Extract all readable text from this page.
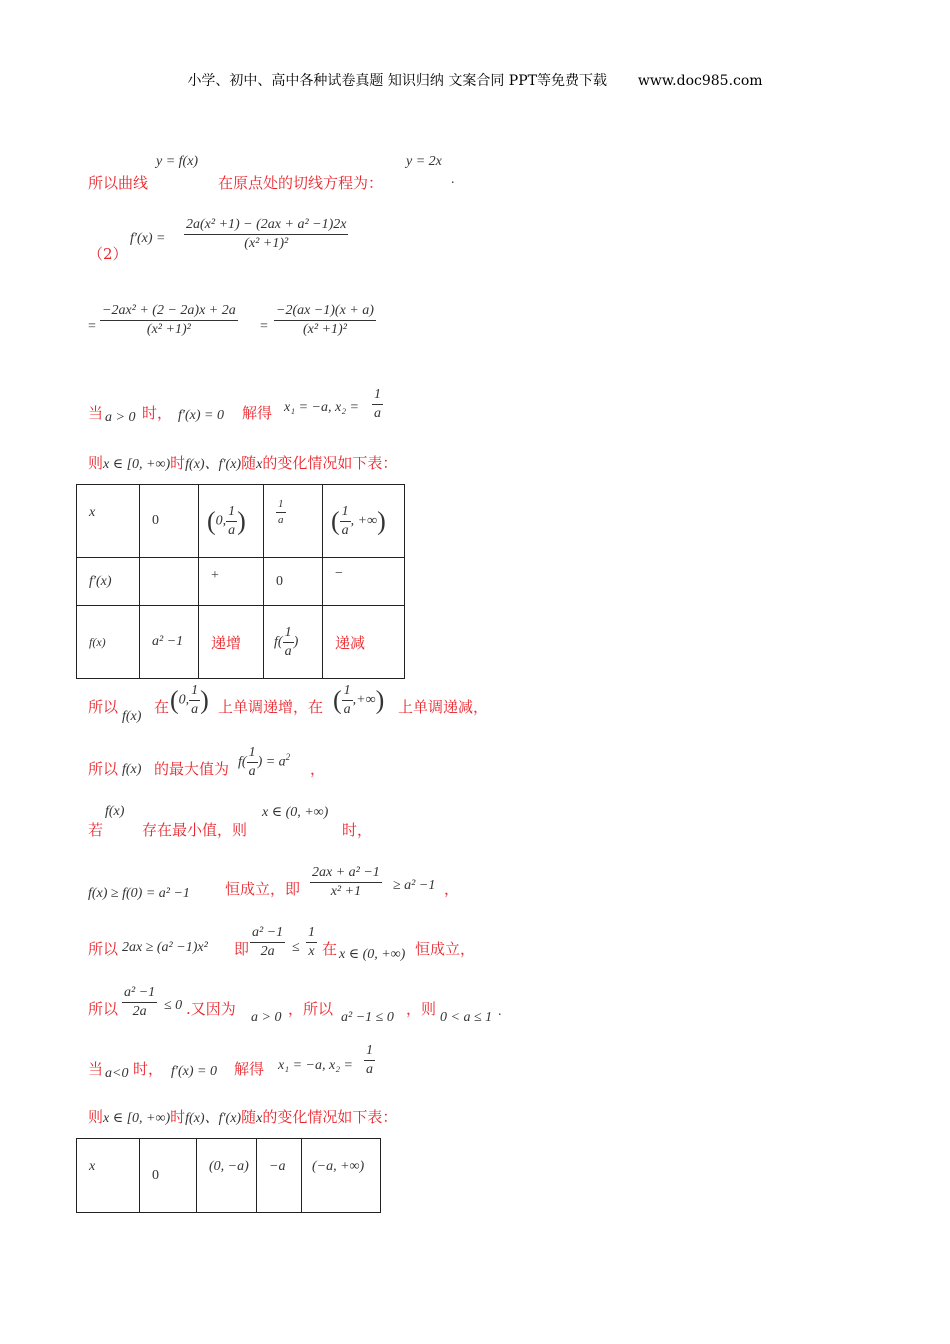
小学、初中、高中各种试卷真题 知识归纳 文案合同 PPT等免费下载 www.doc985.com
所以曲线
y = f(x)
在原点处的切线方程为：
y = 2x
.
（2）
$f'(x) = \frac{\text{2a(x² +1) − (2ax + a² −1)2x}}{\text{(x² +1)²}}$
= $\frac{\text{−2ax² + (2 − 2a)x + 2a}}{\text{(x² +1)²}} = \frac{-2(ax -1)(x + a)}{\text{(x² +1)²}}$
当 a > 0 时， f′(x) = 0 解得 x₁ = −a, $x_2 = \frac{1}{a}$
则x ∈ [0, +∞)时f(x)、f′(x)随x的变化情况如下表：
x	0	(0, $\frac{1}{a}$ )	$\frac{1}{a}$	( $\frac{1}{a}$ , +∞)
f′(x)		+	0	−
f(x)	a² −1	递增	$f( \frac{1}{a}$ )	递减
所以
f(x)
在 (0, $\frac{1}{a}$ ) 上单调递增，在 ( $\frac{1}{a}$ ,+∞) 上单调递减，
所以 f(x) 的最大值为 $f( \frac{1}{a}$ ) = $a^2$
，
若
f(x)
存在最小值，则
x ∈ (0, +∞)
时，
f(x) ≥ f(0) = a² −1 恒成立，即 $\frac{\text{2ax + a² −1}}{\text{x² +1}} \ge a^2 -1$ ，
所以 2ax ≥ (a² −1)x² 即 $\frac{\text{a² −1}}{2a} \le \frac{1}{x}$ 在 x ∈ (0, +∞) 恒成立，
所以 $\frac{\text{a² −1}}{2a} \le 0$ .又因为 a > 0 ，所以 a² −1 ≤ 0 ，则 0 < a ≤ 1 .
当 a<0 时， f′(x) = 0 解得 x₁ = −a, $x_2 = \frac{1}{a}$
则x ∈ [0, +∞)时f(x)、f′(x)随x的变化情况如下表：
x	0	(0, −a)	−a	(−a, +∞)
